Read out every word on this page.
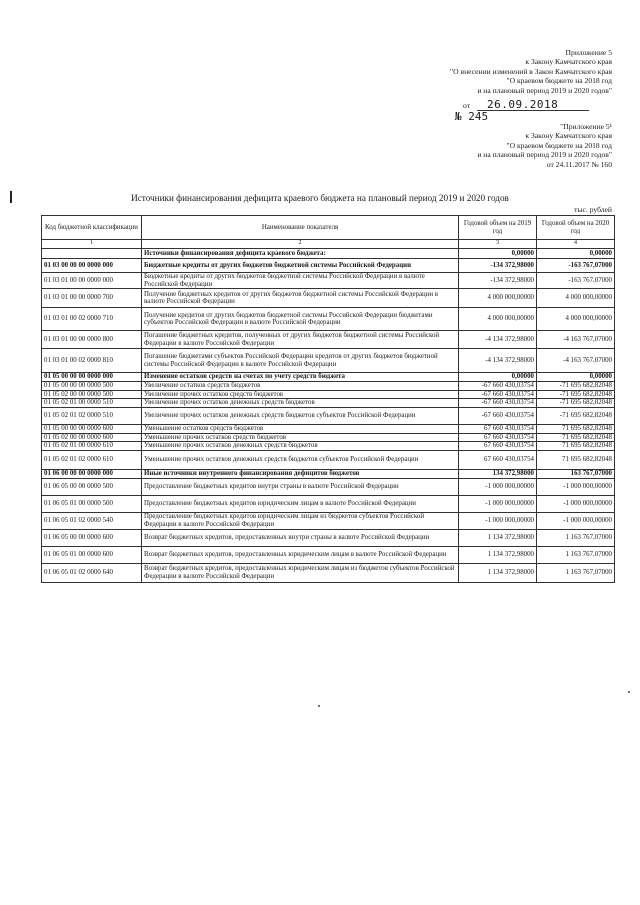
Приложение 5
к Закону Камчатского края
"О внесении изменений в Закон Камчатского края
"О краевом бюджете на 2018 год
и на плановый период 2019 и 2020 годов"
от 26.09.2018
№ 245
"Приложение 5¹
к Закону Камчатского края
"О краевом бюджете на 2018 год
и на плановый период 2019 и 2020 годов"
от 24.11.2017 № 160
Источники финансирования дефицита краевого бюджета на плановый период 2019 и 2020 годов
тыс. рублей
Код бюджетной классификации	Наименование показателя	Годовой объем на 2019 год	Годовой объем на 2020 год
1	2	3	4
	Источники финансирования дефицита краевого бюджета:	0,00000	0,00000
01 03 00 00 00 0000 000	Бюджетные кредиты от других бюджетов бюджетной системы Российской Федерации	-134 372,98000	-163 767,07000
01 03 01 00 00 0000 000	Бюджетные кредиты от других бюджетов бюджетной системы Российской Федерации в валюте Российской Федерации	-134 372,98000	-163 767,07000
01 03 01 00 00 0000 700	Получение бюджетных кредитов от других бюджетов бюджетной системы Российской Федерации в валюте Российской Федерации	4 000 000,00000	4 000 000,00000
01 03 01 00 02 0000 710	Получение кредитов от других бюджетов бюджетной системы Российской Федерации бюджетами субъектов Российской Федерации в валюте Российской Федерации	4 000 000,00000	4 000 000,00000
01 03 01 00 00 0000 800	Погашение бюджетных кредитов, полученных от других бюджетов бюджетной системы Российской Федерации в валюте Российской Федерации	-4 134 372,98000	-4 163 767,07000
01 03 01 00 02 0000 810	Погашение бюджетами субъектов Российской Федерации кредитов от других бюджетов бюджетной системы Российской Федерации в валюте Российской Федерации	-4 134 372,98000	-4 163 767,07000
01 05 00 00 00 0000 000	Изменение остатков средств на счетах по учету средств бюджета	0,00000	0,00000
01 05 00 00 00 0000 500	Увеличение остатков средств бюджетов	-67 660 430,03754	-71 695 682,82048
01 05 02 00 00 0000 500	Увеличение прочих остатков средств бюджетов	-67 660 430,03754	-71 695 682,82048
01 05 02 01 00 0000 510	Увеличение прочих остатков денежных средств бюджетов	-67 660 430,03754	-71 695 682,82048
01 05 02 01 02 0000 510	Увеличение прочих остатков денежных средств бюджетов субъектов Российской Федерации	-67 660 430,03754	-71 695 682,82048
01 05 00 00 00 0000 600	Уменьшение остатков средств бюджетов	67 660 430,03754	71 695 682,82048
01 05 02 00 00 0000 600	Уменьшение прочих остатков средств бюджетов	67 660 430,03754	71 695 682,82048
01 05 02 01 00 0000 610	Уменьшение прочих остатков денежных средств бюджетов	67 660 430,03754	71 695 682,82048
01 05 02 01 02 0000 610	Уменьшение прочих остатков денежных средств бюджетов субъектов Российской Федерации	67 660 430,03754	71 695 682,82048
01 06 00 00 00 0000 000	Иные источники внутреннего финансирования дефицитов бюджетов	134 372,98000	163 767,07000
01 06 05 00 00 0000 500	Предоставление бюджетных кредитов внутри страны в валюте Российской Федерации	-1 000 000,00000	-1 000 000,00000
01 06 05 01 00 0000 500	Предоставление бюджетных кредитов юридическим лицам в валюте Российской Федерации	-1 000 000,00000	-1 000 000,00000
01 06 05 01 02 0000 540	Предоставление бюджетных кредитов юридическим лицам из бюджетов субъектов Российской Федерации в валюте Российской Федерации	-1 000 000,00000	-1 000 000,00000
01 06 05 00 00 0000 600	Возврат бюджетных кредитов, предоставленных внутри страны в валюте Российской Федерации	1 134 372,98000	1 163 767,07000
01 06 05 01 00 0000 600	Возврат бюджетных кредитов, предоставленных юридическим лицам в валюте Российской Федерации	1 134 372,98000	1 163 767,07000
01 06 05 01 02 0000 640	Возврат бюджетных кредитов, предоставленных юридическим лицам из бюджетов субъектов Российской Федерации в валюте Российской Федерации	1 134 372,98000	1 163 767,07000
